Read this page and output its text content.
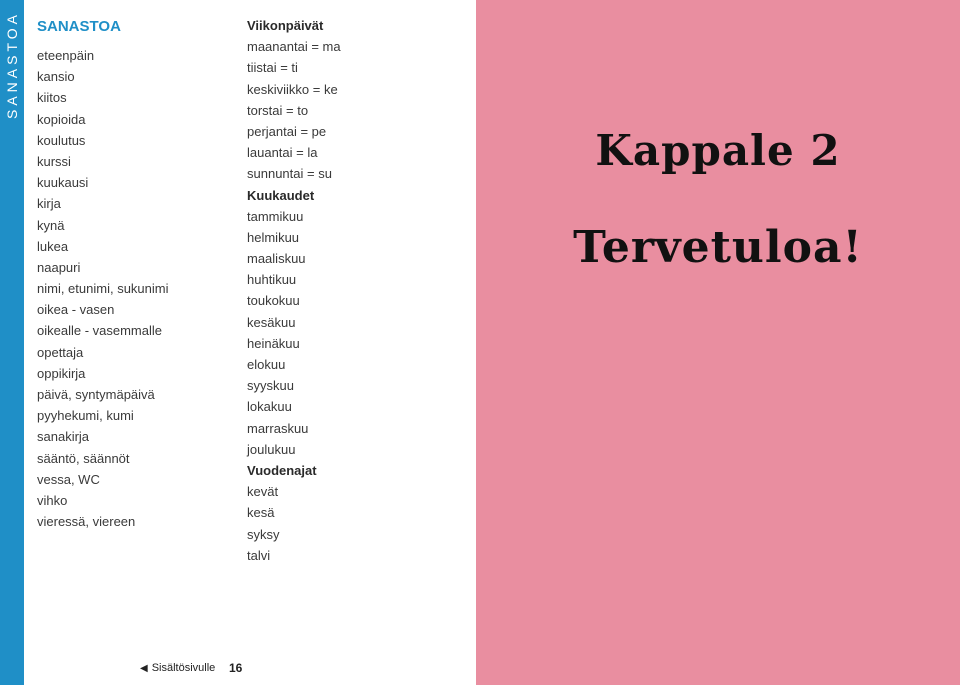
SANASTOA SANASTOA
eteenpäin
kansio
kiitos
kopioida
koulutus
kurssi
kuukausi
kirja
kynä
lukea
naapuri
nimi, etunimi, sukunimi
oikea - vasen
oikealle - vasemmalle
opettaja
oppikirja
päivä, syntymäpäivä
pyyhekumi, kumi
sanakirja
sääntö, säännöt
vessa, WC
vihko
vieressä, viereen
Viikonpäivät
maanantai = ma
tiistai = ti
keskiviikko = ke
torstai = to
perjantai = pe
lauantai = la
sunnuntai = su
Kuukaudet
tammikuu
helmikuu
maaliskuu
huhtikuu
toukokuu
kesäkuu
heinäkuu
elokuu
syyskuu
lokakuu
marraskuu
joulukuu
Vuodenajat
kevät
kesä
syksy
talvi
◀ Sisältösivulle 16
Kappale 2
Tervetuloa!
